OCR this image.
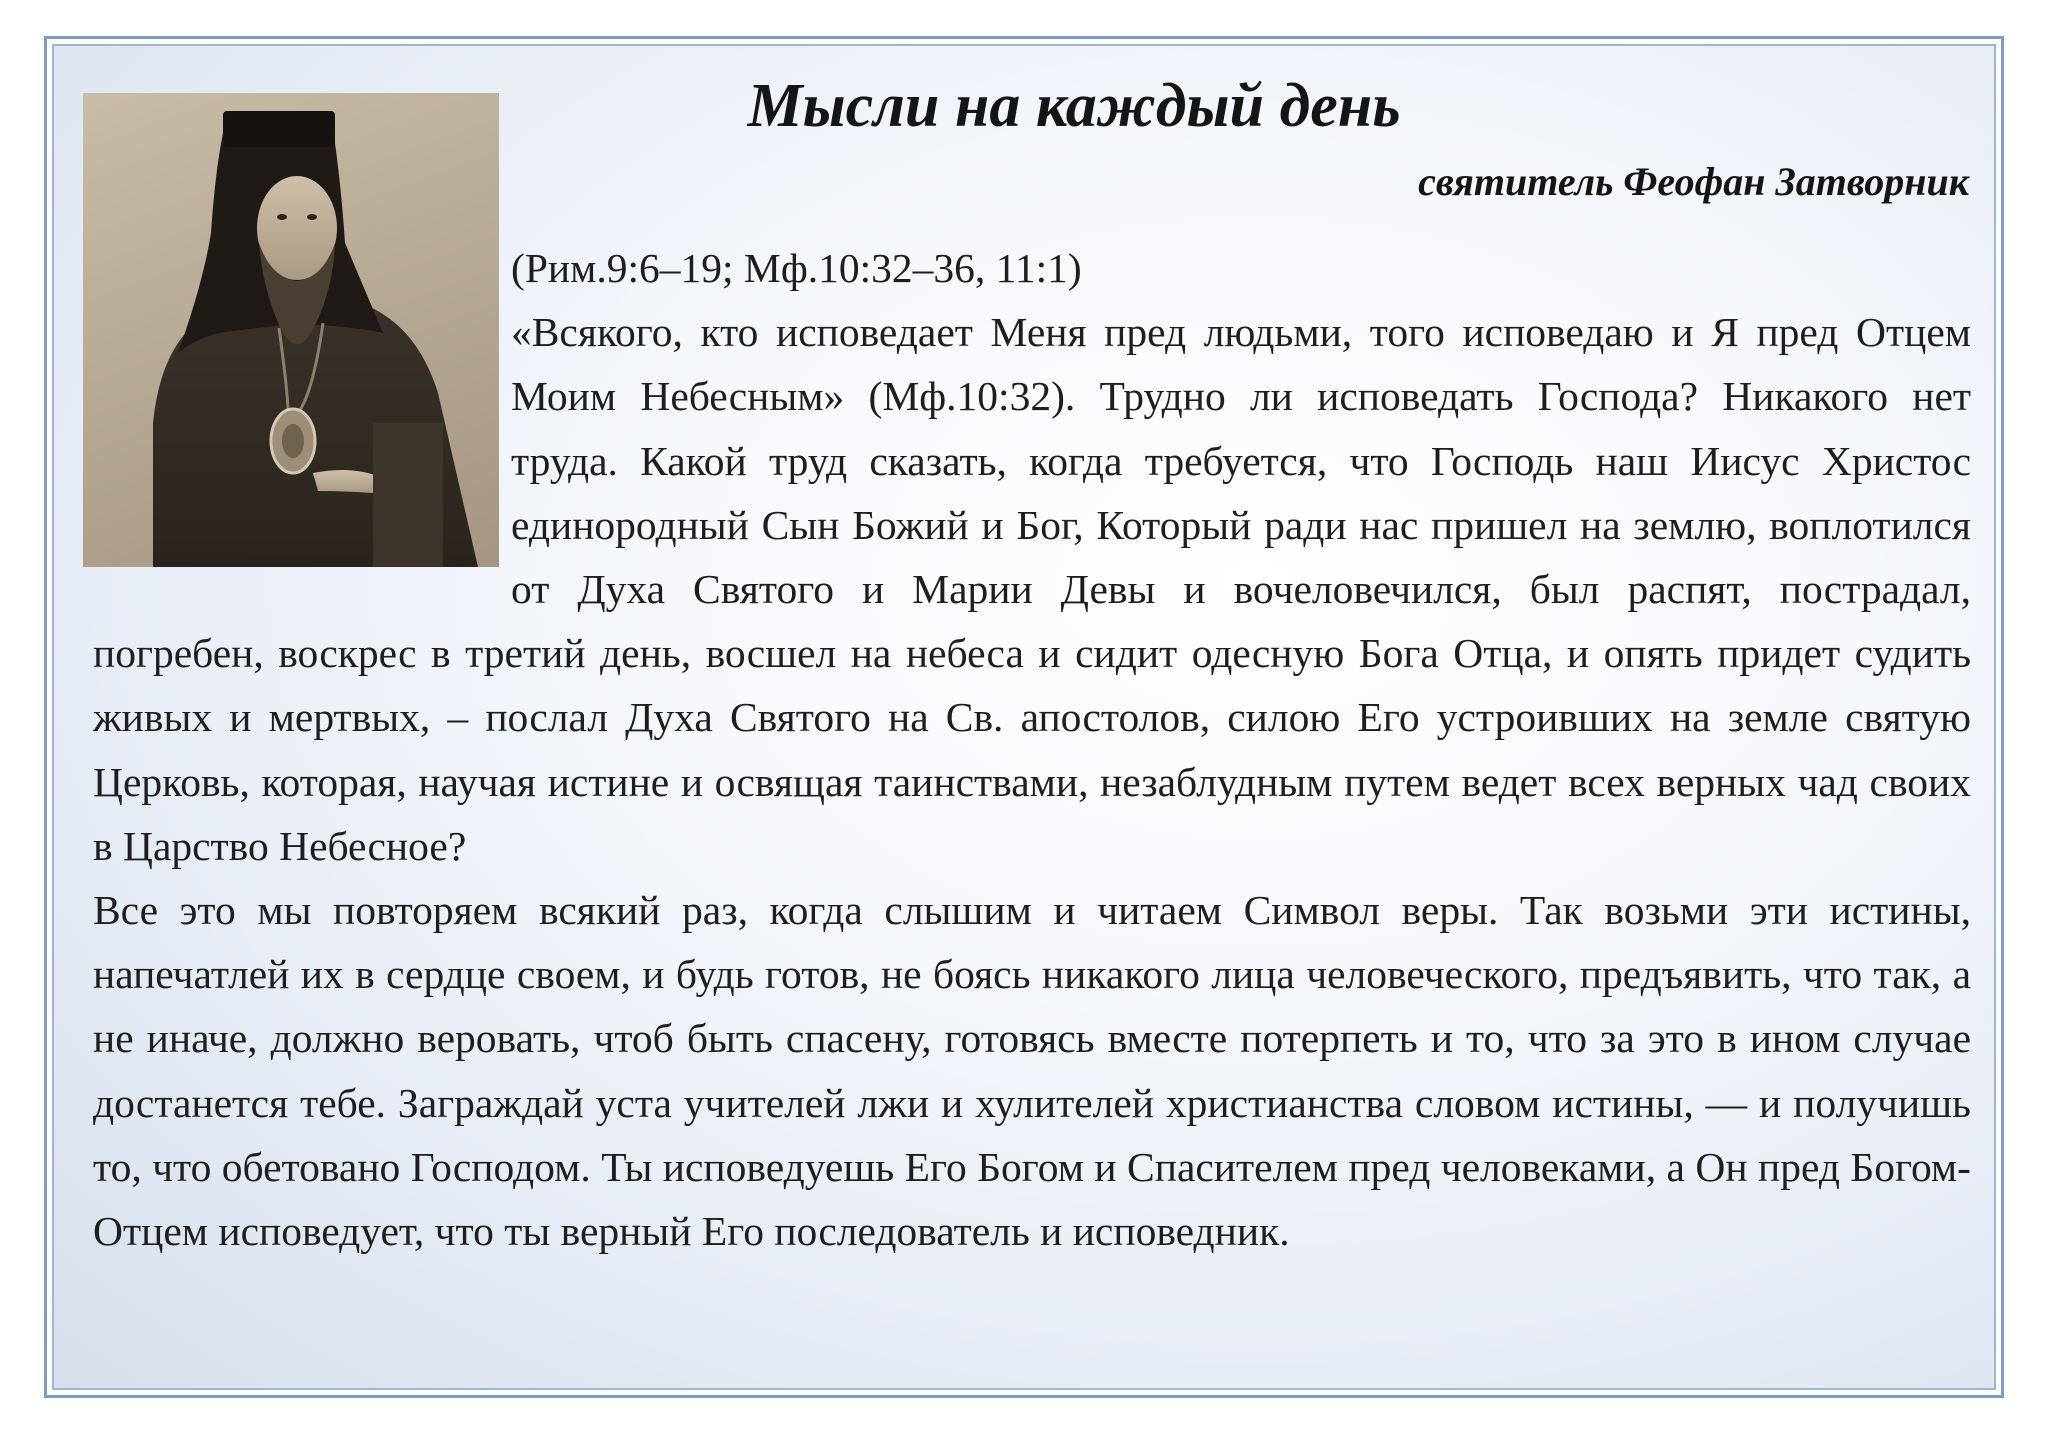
Мысли на каждый день
святитель Феофан Затворник
(Рим.9:6–19; Мф.10:32–36, 11:1)

«Всякого, кто исповедает Меня пред людьми, того исповедаю и Я пред Отцем Моим Небесным» (Мф.10:32). Трудно ли исповедать Господа? Никакого нет труда. Какой труд сказать, когда требуется, что Господь наш Иисус Христос единородный Сын Божий и Бог, Который ради нас пришел на землю, воплотился от Духа Святого и Марии Девы и вочеловечился, был распят, пострадал, погребен, воскрес в третий день, восшел на небеса и сидит одесную Бога Отца, и опять придет судить живых и мертвых, – послал Духа Святого на Св. апостолов, силою Его устроивших на земле святую Церковь, которая, научая истине и освящая таинствами, незаблудным путем ведет всех верных чад своих в Царство Небесное?

Все это мы повторяем всякий раз, когда слышим и читаем Символ веры. Так возьми эти истины, напечатлей их в сердце своем, и будь готов, не боясь никакого лица человеческого, предъявить, что так, а не иначе, должно веровать, чтоб быть спасену, готовясь вместе потерпеть и то, что за это в ином случае достанется тебе. Заграждай уста учителей лжи и хулителей христианства словом истины, — и получишь то, что обетовано Господом. Ты исповедуешь Его Богом и Спасителем пред человеками, а Он пред Богом-Отцем исповедует, что ты верный Его последователь и исповедник.
